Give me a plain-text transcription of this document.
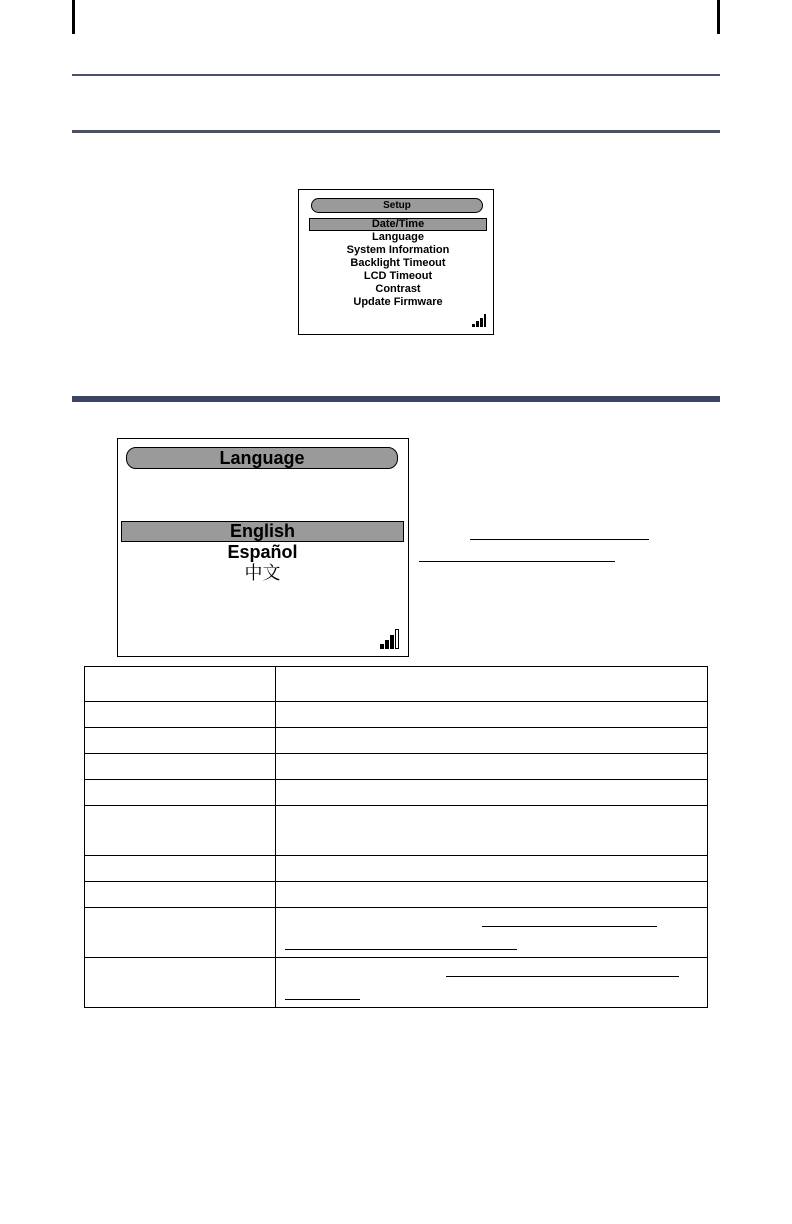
Setup
Date/Time
Language
System Information
Backlight Timeout
LCD Timeout
Contrast
Update Firmware
Language
English
Español
中文
